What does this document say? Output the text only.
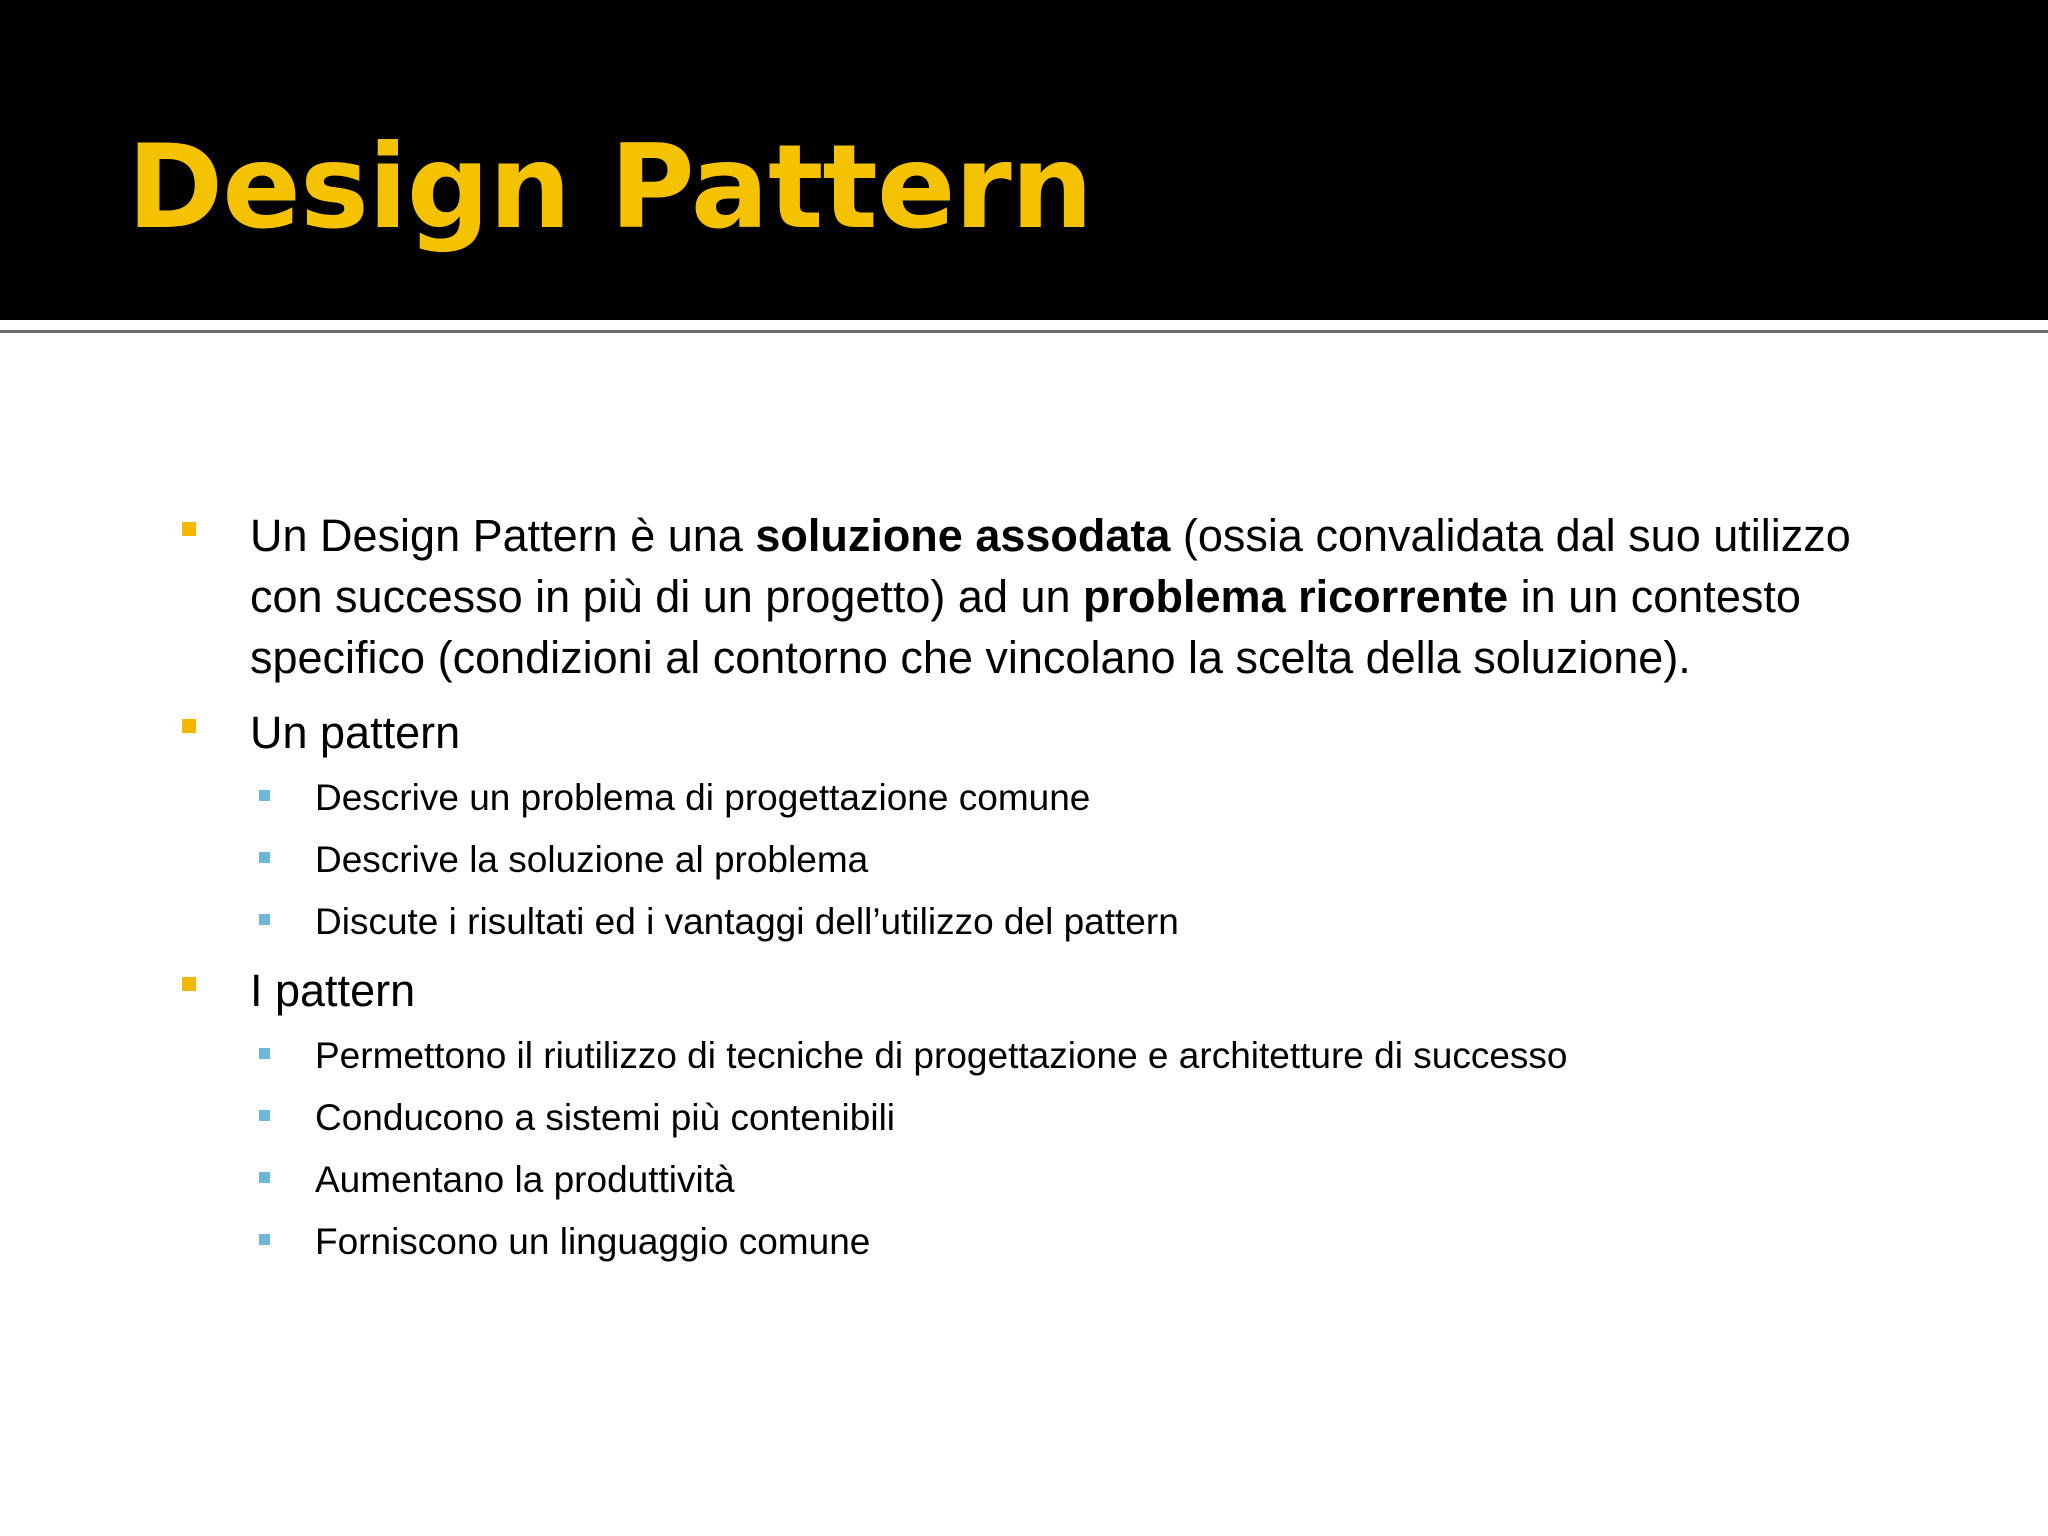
Design Pattern
Un Design Pattern è una soluzione assodata (ossia convalidata dal suo utilizzo con successo in più di un progetto) ad un problema ricorrente in un contesto specifico (condizioni al contorno che vincolano la scelta della soluzione).
Un pattern
Descrive un problema di progettazione comune
Descrive la soluzione al problema
Discute i risultati ed i vantaggi dell’utilizzo del pattern
I pattern
Permettono il riutilizzo di tecniche di progettazione e architetture di successo
Conducono a sistemi più contenibili
Aumentano la produttività
Forniscono un linguaggio comune
